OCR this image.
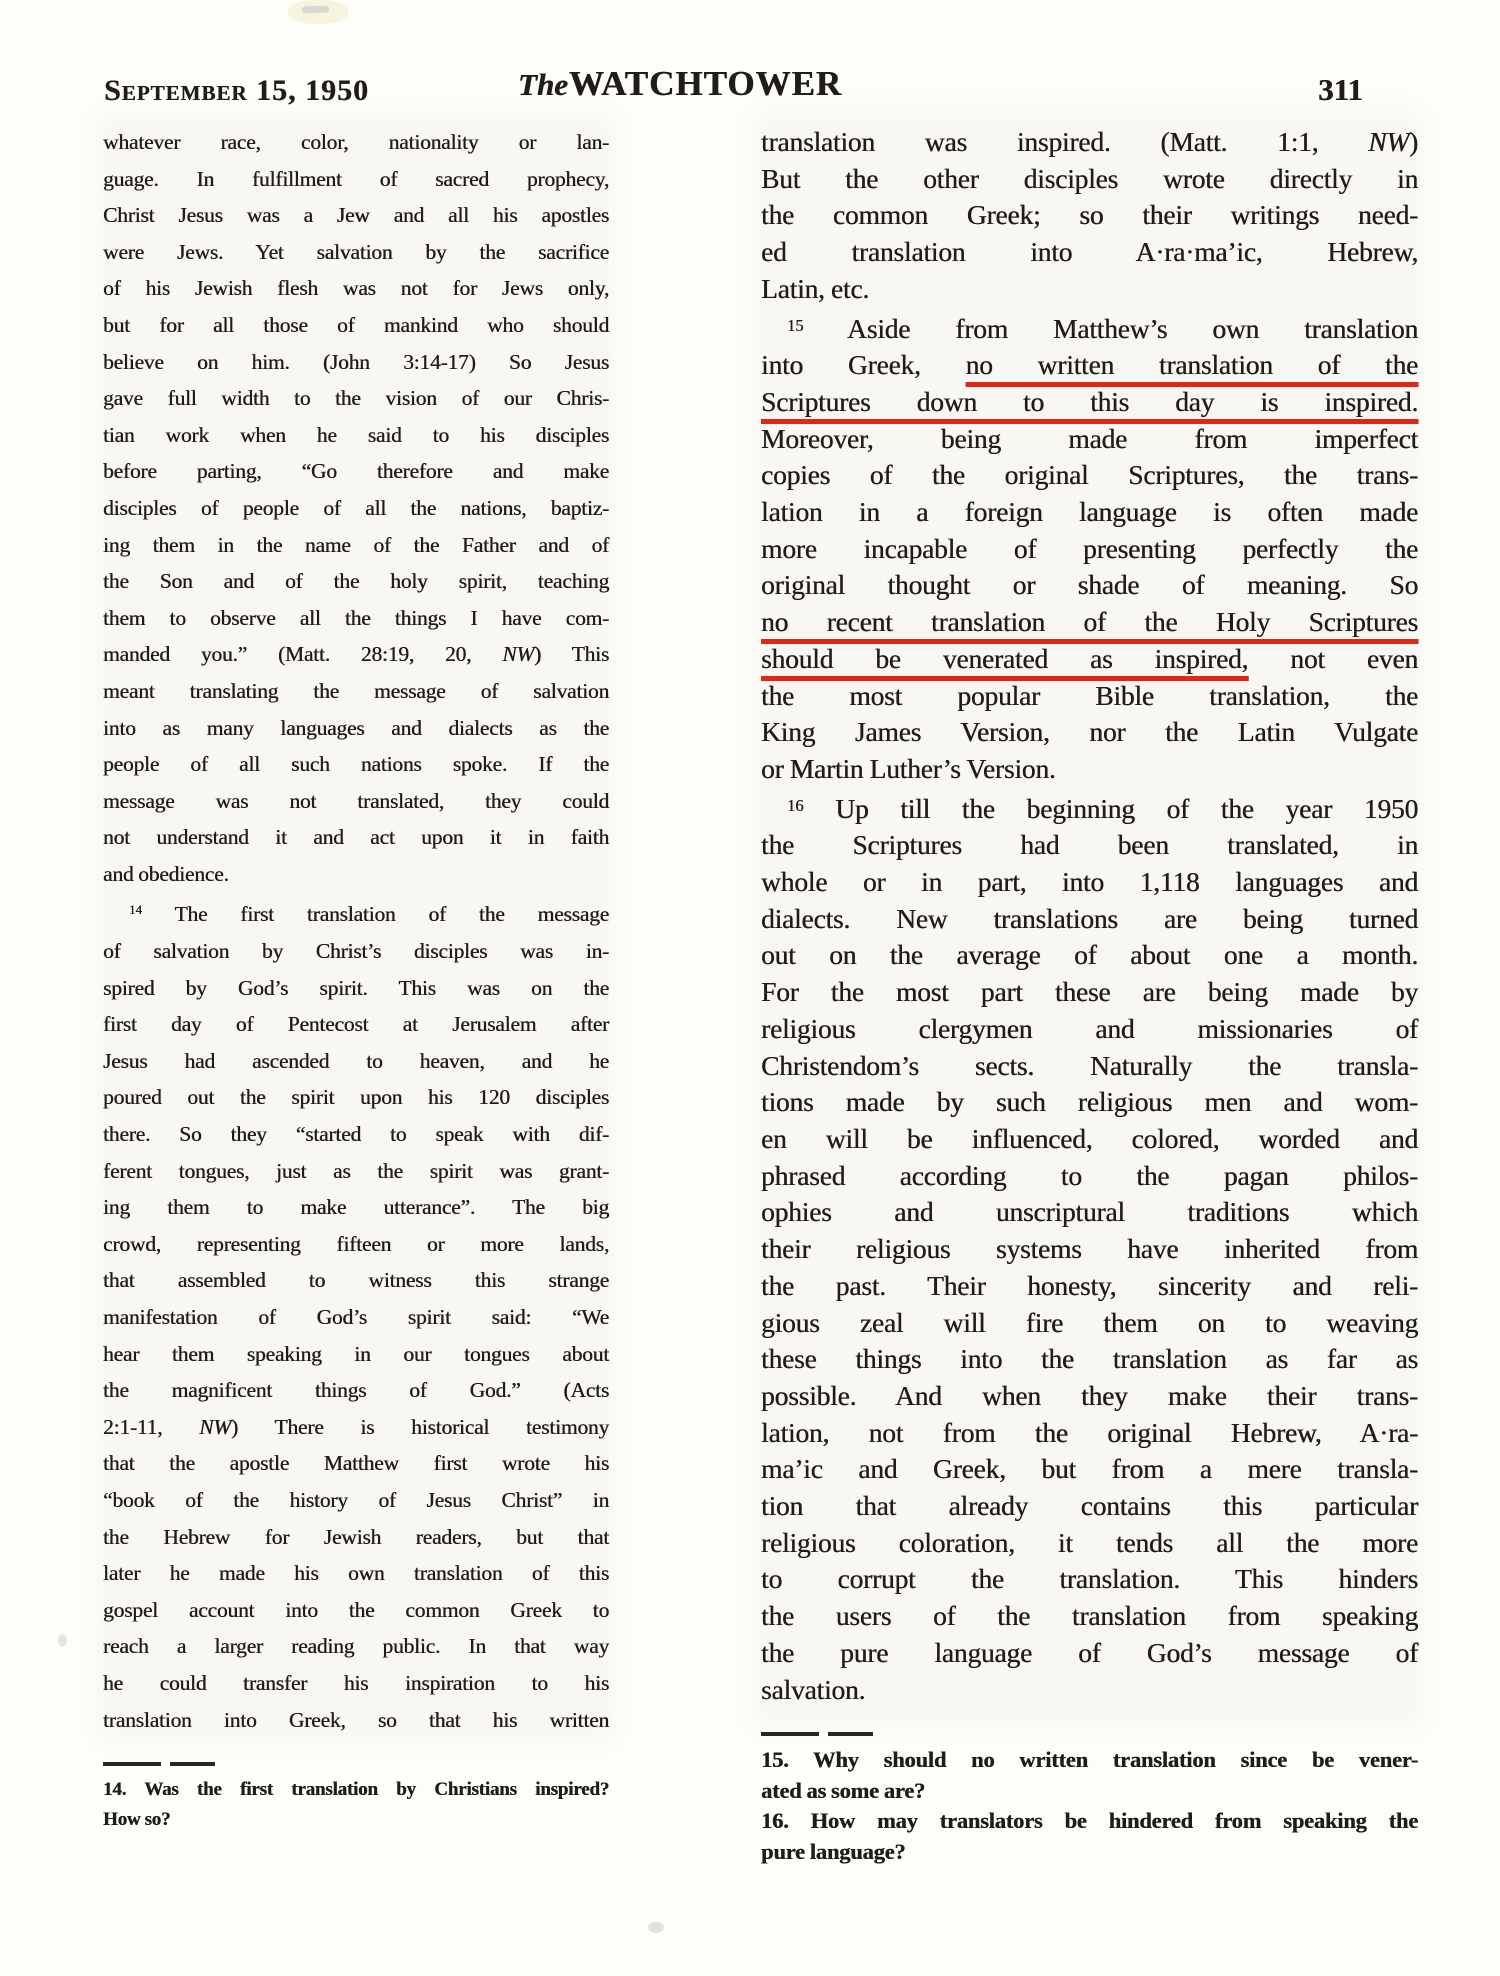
September 15, 1950	TheWATCHTOWER	311
whatever race, color, nationality or lan-
guage. In fulfillment of sacred prophecy,
Christ Jesus was a Jew and all his apostles
were Jews. Yet salvation by the sacrifice
of his Jewish flesh was not for Jews only,
but for all those of mankind who should
believe on him. (John 3:14-17) So Jesus
gave full width to the vision of our Chris-
tian work when he said to his disciples
before parting, “Go therefore and make
disciples of people of all the nations, baptiz-
ing them in the name of the Father and of
the Son and of the holy spirit, teaching
them to observe all the things I have com-
manded you.” (Matt. 28:19, 20, NW) This
meant translating the message of salvation
into as many languages and dialects as the
people of all such nations spoke. If the
message was not translated, they could
not understand it and act upon it in faith
and obedience.
$^{14}$ The first translation of the message
of salvation by Christ’s disciples was in-
spired by God’s spirit. This was on the
first day of Pentecost at Jerusalem after
Jesus had ascended to heaven, and he
poured out the spirit upon his 120 disciples
there. So they “started to speak with dif-
ferent tongues, just as the spirit was grant-
ing them to make utterance”. The big
crowd, representing fifteen or more lands,
that assembled to witness this strange
manifestation of God’s spirit said: “We
hear them speaking in our tongues about
the magnificent things of God.” (Acts
2:1-11, NW) There is historical testimony
that the apostle Matthew first wrote his
“book of the history of Jesus Christ” in
the Hebrew for Jewish readers, but that
later he made his own translation of this
gospel account into the common Greek to
reach a larger reading public. In that way
he could transfer his inspiration to his
translation into Greek, so that his written
14. Was the first translation by Christians inspired?
How so?
translation was inspired. (Matt. 1:1, NW)
But the other disciples wrote directly in
the common Greek; so their writings need-
ed translation into A·ra·ma’ic, Hebrew,
Latin, etc.
$^{15}$ Aside from Matthew’s own translation
into Greek, no written translation of the
Scriptures down to this day is inspired.
Moreover, being made from imperfect
copies of the original Scriptures, the trans-
lation in a foreign language is often made
more incapable of presenting perfectly the
original thought or shade of meaning. So
no recent translation of the Holy Scriptures
should be venerated as inspired, not even
the most popular Bible translation, the
King James Version, nor the Latin Vulgate
or Martin Luther’s Version.
$^{16}$ Up till the beginning of the year 1950
the Scriptures had been translated, in
whole or in part, into 1,118 languages and
dialects. New translations are being turned
out on the average of about one a month.
For the most part these are being made by
religious clergymen and missionaries of
Christendom’s sects. Naturally the transla-
tions made by such religious men and wom-
en will be influenced, colored, worded and
phrased according to the pagan philos-
ophies and unscriptural traditions which
their religious systems have inherited from
the past. Their honesty, sincerity and reli-
gious zeal will fire them on to weaving
these things into the translation as far as
possible. And when they make their trans-
lation, not from the original Hebrew, A·ra-
ma’ic and Greek, but from a mere transla-
tion that already contains this particular
religious coloration, it tends all the more
to corrupt the translation. This hinders
the users of the translation from speaking
the pure language of God’s message of
salvation.
15. Why should no written translation since be vener-
ated as some are?
16. How may translators be hindered from speaking the
pure language?
